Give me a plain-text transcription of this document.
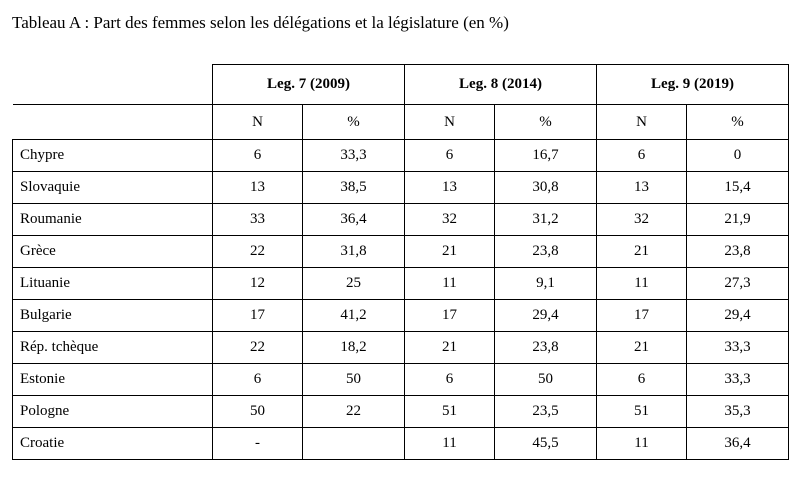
Tableau A : Part des femmes selon les délégations et la législature (en %)
	Leg. 7 (2009)		Leg. 8 (2014)		Leg. 9 (2019)	
	N	%	N	%	N	%
Chypre	6	33,3	6	16,7	6	0
Slovaquie	13	38,5	13	30,8	13	15,4
Roumanie	33	36,4	32	31,2	32	21,9
Grèce	22	31,8	21	23,8	21	23,8
Lituanie	12	25	11	9,1	11	27,3
Bulgarie	17	41,2	17	29,4	17	29,4
Rép. tchèque	22	18,2	21	23,8	21	33,3
Estonie	6	50	6	50	6	33,3
Pologne	50	22	51	23,5	51	35,3
Croatie	-		11	45,5	11	36,4
